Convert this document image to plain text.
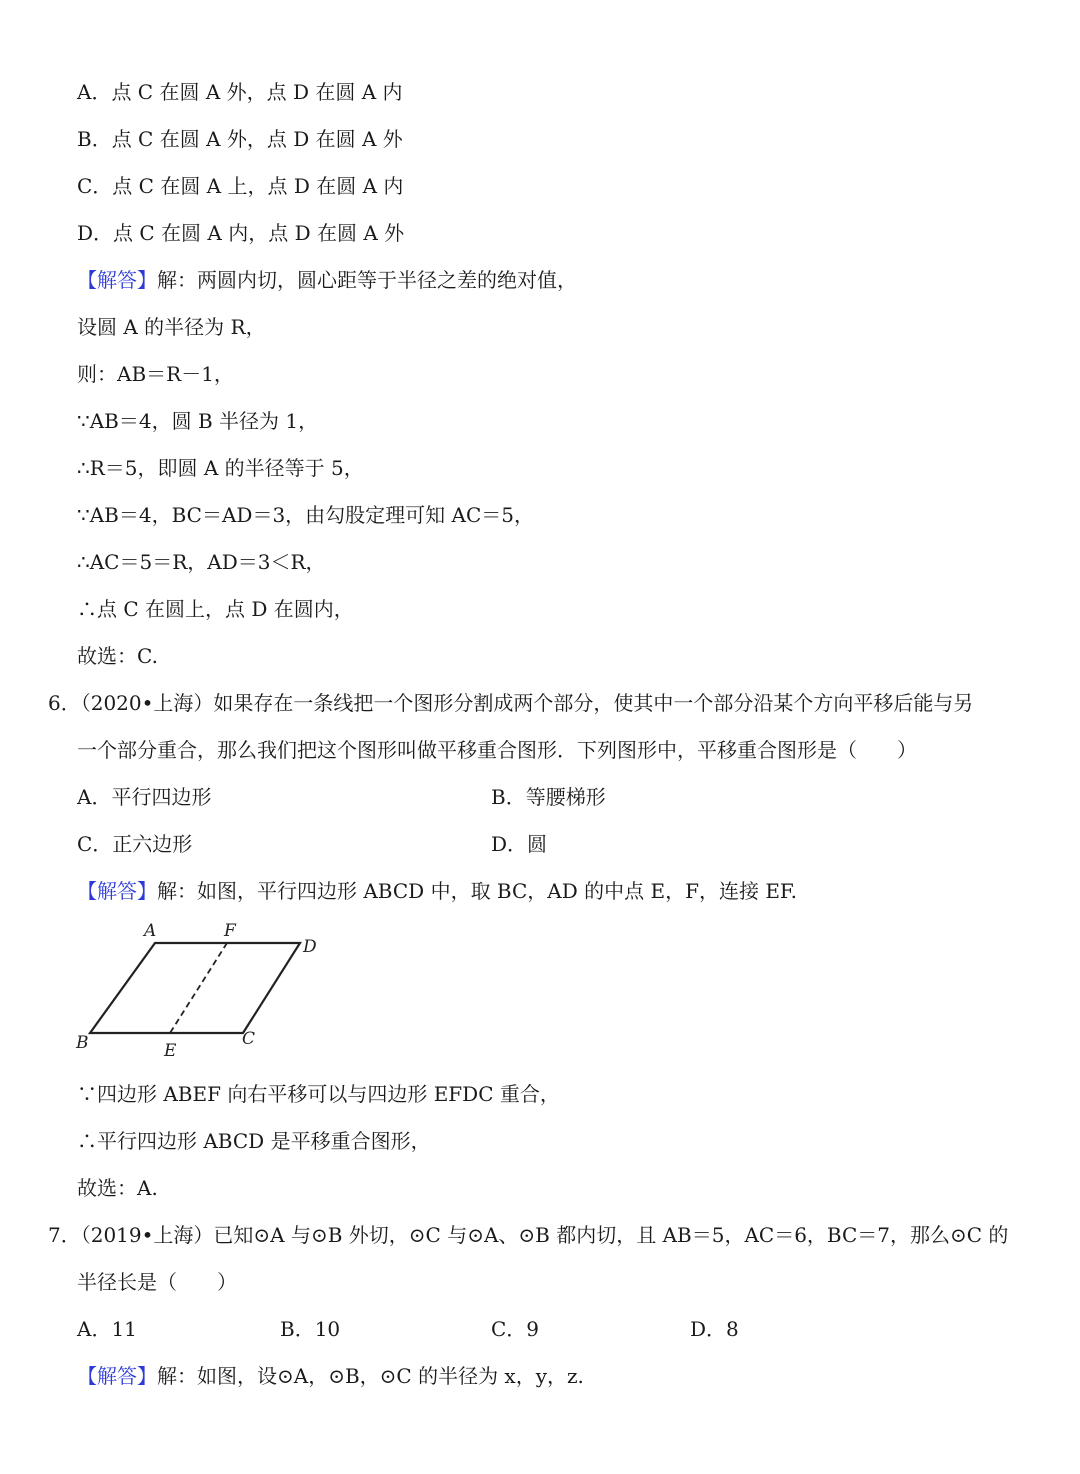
A．点 C 在圆 A 外，点 D 在圆 A 内
B．点 C 在圆 A 外，点 D 在圆 A 外
C．点 C 在圆 A 上，点 D 在圆 A 内
D．点 C 在圆 A 内，点 D 在圆 A 外
【解答】解：两圆内切，圆心距等于半径之差的绝对值，
设圆 A 的半径为 R，
则：AB＝R－1，
∵AB＝4，圆 B 半径为 1，
∴R＝5，即圆 A 的半径等于 5，
∵AB＝4，BC＝AD＝3，由勾股定理可知 AC＝5，
∴AC＝5＝R，AD＝3＜R，
∴点 C 在圆上，点 D 在圆内，
故选：C.
6．（2020•上海）如果存在一条线把一个图形分割成两个部分，使其中一个部分沿某个方向平移后能与另
一个部分重合，那么我们把这个图形叫做平移重合图形．下列图形中，平移重合图形是（　　）
A．平行四边形	B．等腰梯形
C．正六边形	D．圆
【解答】解：如图，平行四边形 ABCD 中，取 BC，AD 的中点 E，F，连接 EF.
A	F
D
B	E
C
∵四边形 ABEF 向右平移可以与四边形 EFDC 重合，
∴平行四边形 ABCD 是平移重合图形，
故选：A.
7．（2019•上海）已知⊙A 与⊙B 外切，⊙C 与⊙A、⊙B 都内切，且 AB＝5，AC＝6，BC＝7，那么⊙C 的
半径长是（　　）
A．11	B．10	C．9	D．8
【解答】解：如图，设⊙A，⊙B，⊙C 的半径为 x，y，z.
